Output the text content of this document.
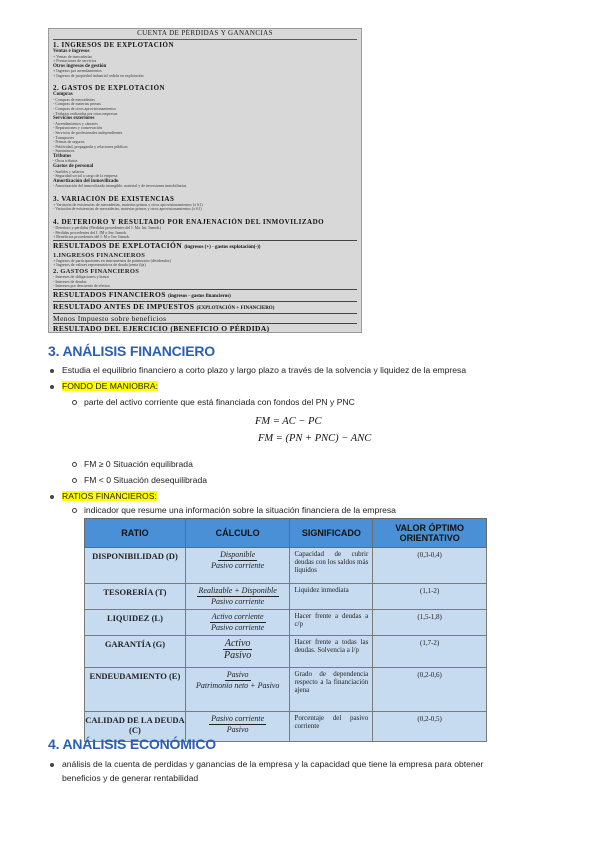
CUENTA DE PÉRDIDAS Y GANANCIAS
1. INGRESOS DE EXPLOTACIÓN
Ventas e ingresos
+ Ventas de mercaderías
+ Prestaciones de servicios
Otros ingresos de gestión
+ Ingresos por arrendamientos
+ Ingresos de propiedad industrial cedida en explotación
2. GASTOS DE EXPLOTACIÓN
Compras
- Compras de mercaderías
- Compras de materias primas
- Compras de otros aprovisionamientos
- Trabajos realizados por otras empresas
Servicios exteriores
- Arrendamientos y cánones
- Reparaciones y conservación
- Servicios de profesionales independientes
- Transportes
- Primas de seguros
- Publicidad, propaganda y relaciones públicas
- Suministros
Tributos
- Otros tributos
Gastos de personal
- Sueldos y salarios
- Seguridad social a cargo de la empresa
Amortización del inmovilizado
- Amortización del inmovilizado intangible, material y de inversiones inmobiliarias
3. VARIACIÓN DE EXISTENCIAS
+ Variación de existencias de mercaderías, materias primas y otros aprovisionamientos (± 61)
- Variación de existencias de mercaderías, materias primas y otros aprovisionamientos (± 61)
4. DETERIORO Y RESULTADO POR ENAJENACIÓN DEL INMOVILIZADO
- Deterioro y pérdidas (Pérdidas procedentes del I. Ma. Int. Inmob.)
- Pérdidas procedentes del I. IM o Inv. Inmob.
+ Beneficios procedentes del I. M o Inv. Inmob.
RESULTADOS DE EXPLOTACIÓN (ingresos (+) - gastos explotación(-))
1.INGRESOS FINANCIEROS
+ Ingresos de participaciones en instrumentos de patrimonio (dividendos)
+ Ingresos de valores representativos de deuda (renta fija)
2. GASTOS FINANCIEROS
- Intereses de obligaciones y bonos
- Intereses de deudas
- Intereses por descuento de efectos
RESULTADOS FINANCIEROS (ingresos - gastos financieros)
RESULTADO ANTES DE IMPUESTOS (EXPLOTACIÓN + FINANCIERO)
Menos Impuesto sobre beneficios
RESULTADO DEL EJERCICIO (BENEFICIO O PÉRDIDA)
3. ANÁLISIS FINANCIERO
Estudia el equilibrio financiero a corto plazo y largo plazo a través de la solvencia y liquidez de la empresa
FONDO DE MANIOBRA:
parte del activo corriente que está financiada con fondos del PN y PNC
FM = AC − PC
FM = (PN + PNC) − ANC
FM ≥ 0 Situación equilibrada
FM < 0 Situación desequilibrada
RATIOS FINANCIEROS:
indicador que resume una información sobre la situación financiera de la empresa
RATIO	CÁLCULO	SIGNIFICADO	VALOR ÓPTIMO ORIENTATIVO
DISPONIBILIDAD (D)	Disponible
Pasivo corriente	Capacidad de cubrir deudas con los saldos más líquidos	(0,3-0,4)
TESORERÍA (T)	Realizable + Disponible
Pasivo corriente	Liquidez inmediata	(1,1-2)
LIQUIDEZ (L)	Activo corriente
Pasivo corriente	Hacer frente a deudas a c/p	(1,5-1,8)
GARANTÍA (G)	Activo
Pasivo	Hacer frente a todas las deudas. Solvencia a l/p	(1,7-2)
ENDEUDAMIENTO (E)	Pasivo
Patrimonio neto + Pasivo	Grado de dependencia respecto a la financiación ajena	(0,2-0,6)
CALIDAD DE LA DEUDA (C)	Pasivo corriente
Pasivo	Porcentaje del pasivo corriente	(0,2-0,5)
4. ANÁLISIS ECONÓMICO
análisis de la cuenta de perdidas y ganancias de la empresa y la capacidad que tiene la empresa para obtener
beneficios y de generar rentabilidad
